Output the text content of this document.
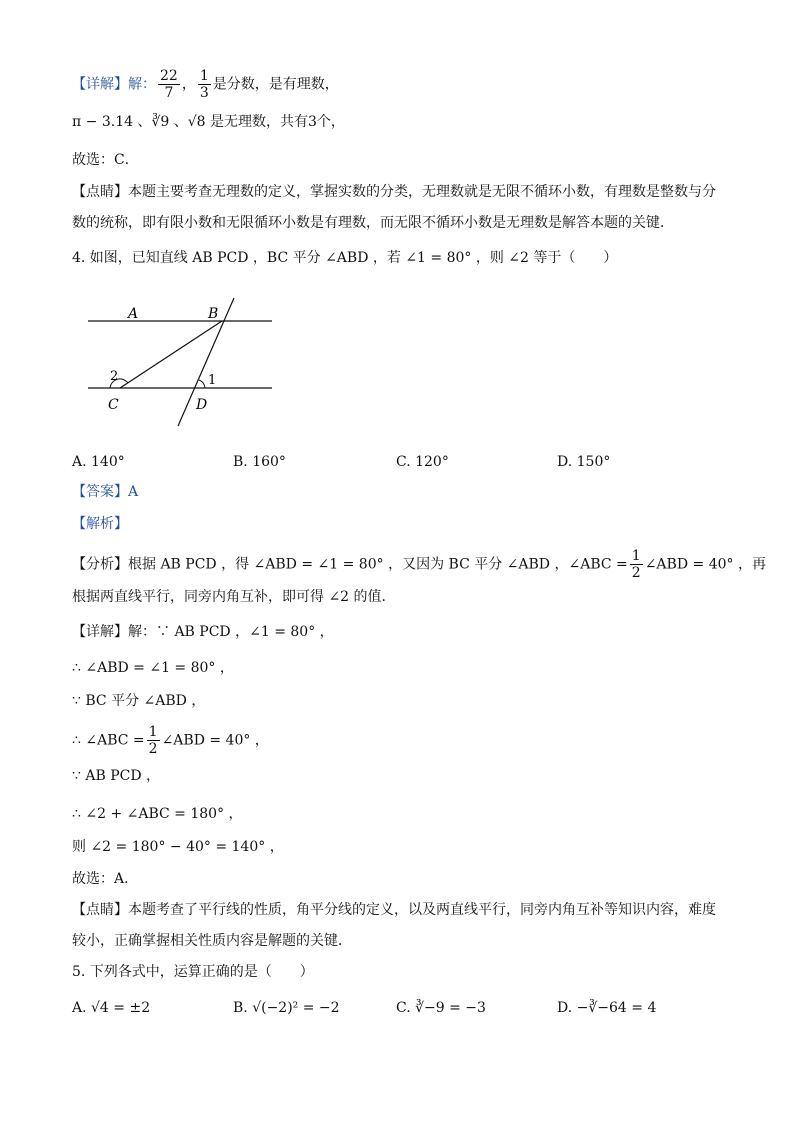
【详解】解： $\frac{22}{7}$ ， $\frac{1}{3}$ 是分数，是有理数，
π − 3.14 、∛9 、√8 是无理数，共有3个，
故选：C．
【点睛】本题主要考查无理数的定义，掌握实数的分类，无理数就是无限不循环小数，有理数是整数与分
数的统称，即有限小数和无限循环小数是有理数，而无限不循环小数是无理数是解答本题的关键．
4. 如图，已知直线 AB PCD ，BC 平分 ∠ABD ，若 ∠1 = 80° ，则 ∠2 等于（　　）
A	B
C	D
1
2
A. 140°	B. 160°	C. 120°	D. 150°
【答案】A
【解析】
【分析】根据 AB PCD ，得 ∠ABD = ∠1 = 80° ，又因为 BC 平分 ∠ABD ，∠ABC = $\frac{1}{2}$ ∠ABD = 40° ，再
根据两直线平行，同旁内角互补，即可得 ∠2 的值．
【详解】解：∵ AB PCD ，∠1 = 80° ，
∴ ∠ABD = ∠1 = 80° ，
∵ BC 平分 ∠ABD ，
∴ ∠ABC = $\frac{1}{2}$ ∠ABD = 40° ，
∵ AB PCD ，
∴ ∠2 + ∠ABC = 180° ，
则 ∠2 = 180° − 40° = 140° ，
故选：A．
【点睛】本题考查了平行线的性质，角平分线的定义，以及两直线平行，同旁内角互补等知识内容，难度
较小，正确掌握相关性质内容是解题的关键．
5. 下列各式中，运算正确的是（　　）
A. √4 = ±2	B. √(−2)² = −2	C. ∛−9 = −3	D. −∛−64 = 4
